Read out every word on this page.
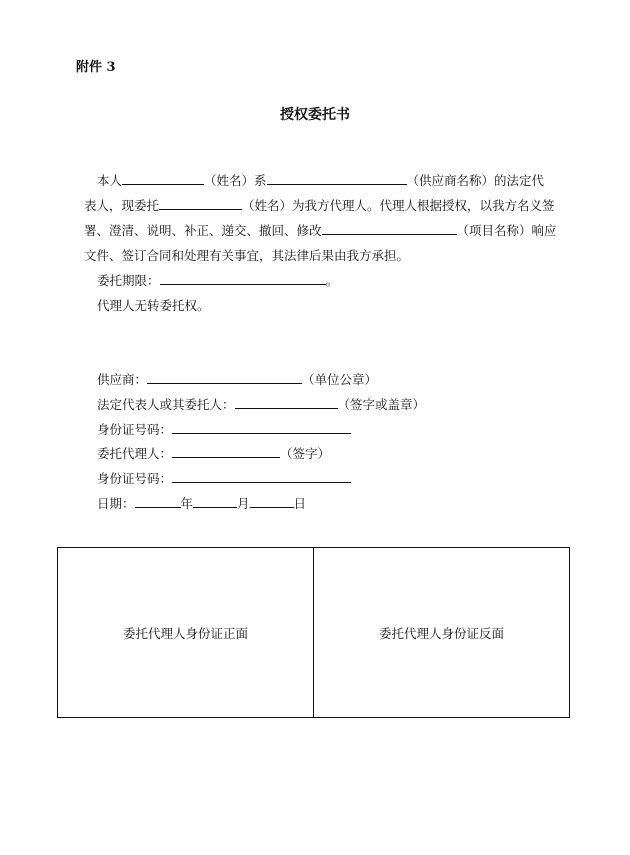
附件 3
授权委托书
本人	（姓名）系	（供应商名称）的法定代
表人，现委托	（姓名）为我方代理人。代理人根据授权，以我方名义签
署、澄清、说明、补正、递交、撤回、修改	（项目名称）响应
文件、签订合同和处理有关事宜，其法律后果由我方承担。
委托期限：	。
代理人无转委托权。
供应商：	（单位公章）
法定代表人或其委托人：	（签字或盖章）
身份证号码：
委托代理人：	（签字）
身份证号码：
日期：	年	月	日
委托代理人身份证正面	委托代理人身份证反面
